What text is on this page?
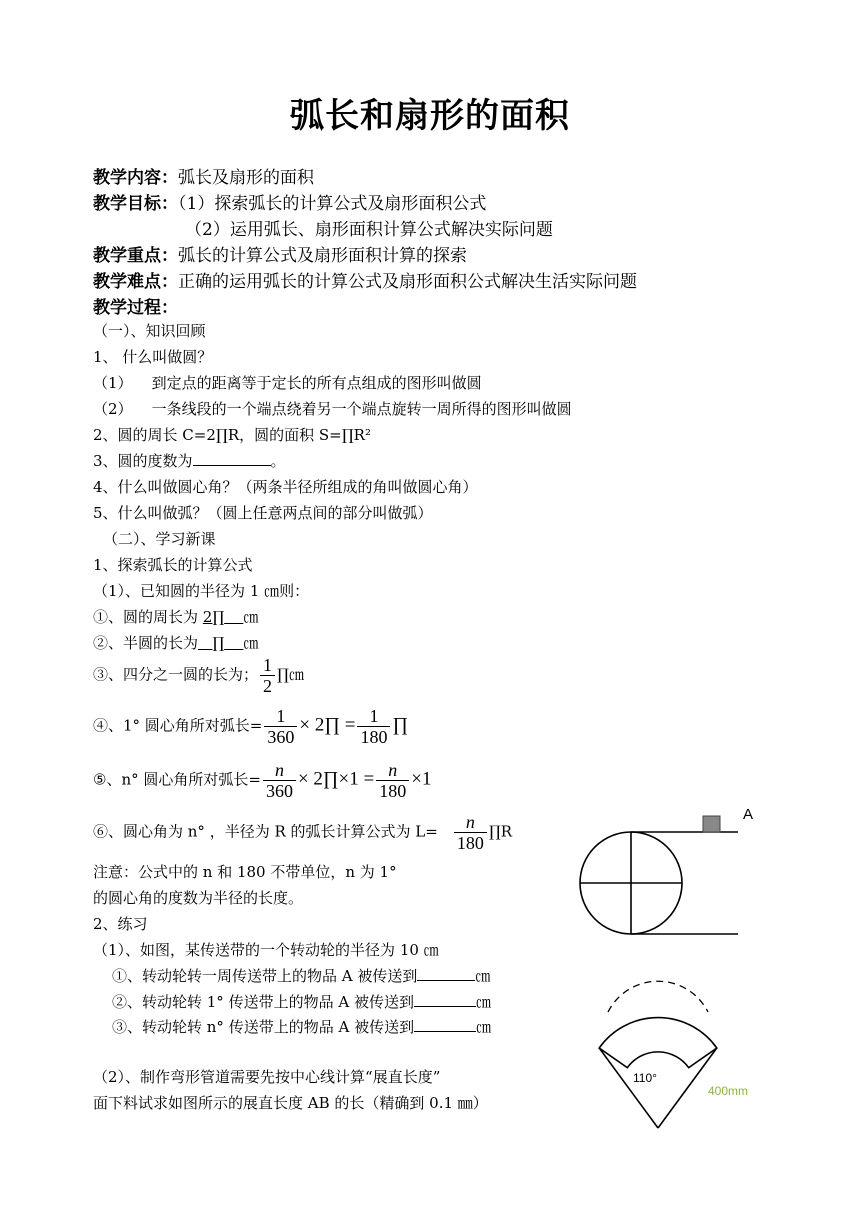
弧长和扇形的面积
教学内容：弧长及扇形的面积
教学目标：（1）探索弧长的计算公式及扇形面积公式
（2）运用弧长、扇形面积计算公式解决实际问题
教学重点：弧长的计算公式及扇形面积计算的探索
教学难点：正确的运用弧长的计算公式及扇形面积公式解决生活实际问题
教学过程：
（一）、知识回顾
1、 什么叫做圆？
（1）    到定点的距离等于定长的所有点组成的图形叫做圆
（2）    一条线段的一个端点绕着另一个端点旋转一周所得的图形叫做圆
2、圆的周长 C=2∏R，圆的面积 S=∏R²
3、圆的度数为	。
4、什么叫做圆心角？（两条半径所组成的角叫做圆心角）
5、什么叫做弧？（圆上任意两点间的部分叫做弧）
（二）、学习新课
1、探索弧长的计算公式
（1）、已知圆的半径为 1 ㎝则：
①、圆的周长为 2∏ ㎝
②、半圆的长为 ∏ ㎝
③、四分之一圆的长为； $\frac{1}{2}$ ∏㎝
④、1° 圆心角所对弧长= $\frac{1}{360}$ × 2∏ = $\frac{1}{180}$ ∏
⑤、n° 圆心角所对弧长= $\frac{n}{360}$ × 2∏×1 = $\frac{n}{180} \times 1$
⑥、圆心角为 n° ，半径为 R 的弧长计算公式为 $L= \frac{n}{180}$ ∏R
注意：公式中的 n 和 180 不带单位，n 为 1°
的圆心角的度数为半径的长度。
2、练习
（1）、如图，某传送带的一个转动轮的半径为 10 ㎝
①、转动轮转一周传送带上的物品 A 被传送到	㎝
②、转动轮转 1° 传送带上的物品 A 被传送到	㎝
③、转动轮转 n° 传送带上的物品 A 被传送到	㎝
（2）、制作弯形管道需要先按中心线计算“展直长度”
面下料试求如图所示的展直长度 AB 的长（精确到 0.1 ㎜）
A
110°
400mm
